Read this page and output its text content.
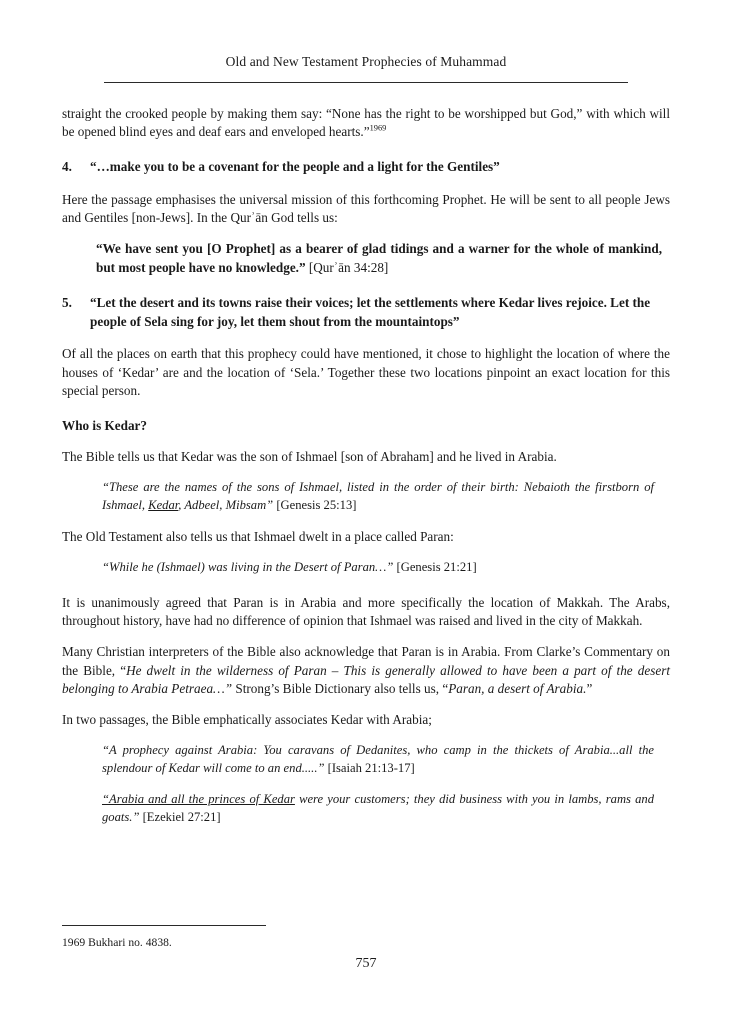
Old and New Testament Prophecies of Muhammad

straight the crooked people by making them say: “None has the right to be worshipped but God,” with which will be opened blind eyes and deaf ears and enveloped hearts.”$^{1969}$

4.	“…make you to be a covenant for the people and a light for the Gentiles”

Here the passage emphasises the universal mission of this forthcoming Prophet. He will be sent to all people Jews and Gentiles [non-Jews]. In the Qurʾān God tells us:

“We have sent you [O Prophet] as a bearer of glad tidings and a warner for the whole of mankind, but most people have no knowledge.” [Qurʾān 34:28]
5.	“Let the desert and its towns raise their voices; let the settlements where Kedar lives rejoice. Let the people of Sela sing for joy, let them shout from the mountaintops”

Of all the places on earth that this prophecy could have mentioned, it chose to highlight the location of where the houses of ‘Kedar’ are and the location of ‘Sela.’ Together these two locations pinpoint an exact location for this special person.

Who is Kedar?

The Bible tells us that Kedar was the son of Ishmael [son of Abraham] and he lived in Arabia.

“These are the names of the sons of Ishmael, listed in the order of their birth: Nebaioth the firstborn of Ishmael, Kedar, Adbeel, Mibsam” [Genesis 25:13]

The Old Testament also tells us that Ishmael dwelt in a place called Paran:

“While he (Ishmael) was living in the Desert of Paran…” [Genesis 21:21]

It is unanimously agreed that Paran is in Arabia and more specifically the location of Makkah. The Arabs, throughout history, have had no difference of opinion that Ishmael was raised and lived in the city of Makkah.

Many Christian interpreters of the Bible also acknowledge that Paran is in Arabia. From Clarke’s Commentary on the Bible, “He dwelt in the wilderness of Paran – This is generally allowed to have been a part of the desert belonging to Arabia Petraea…” Strong’s Bible Dictionary also tells us, “Paran, a desert of Arabia.”

In two passages, the Bible emphatically associates Kedar with Arabia;

“A prophecy against Arabia: You caravans of Dedanites, who camp in the thickets of Arabia...all the splendour of Kedar will come to an end.....” [Isaiah 21:13-17]
“Arabia and all the princes of Kedar were your customers; they did business with you in lambs, rams and goats.” [Ezekiel 27:21]

1969 Bukhari no. 4838.

757
